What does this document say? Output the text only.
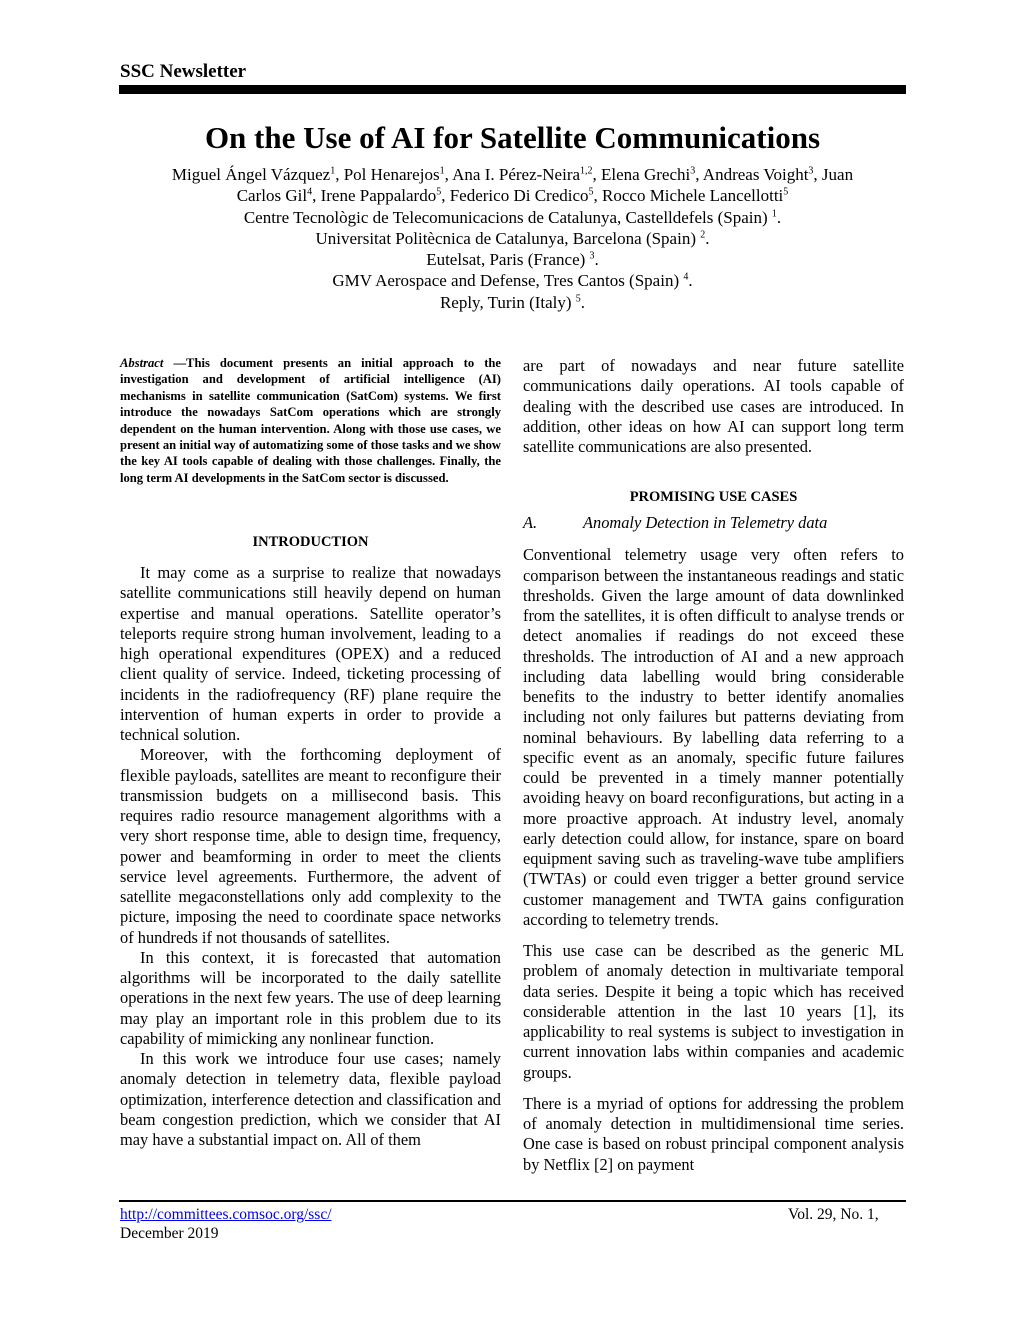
SSC Newsletter

On the Use of AI for Satellite Communications

Miguel Ángel Vázquez$^1$, Pol Henarejos$^1$, Ana I. Pérez-Neira$^{1,2}$, Elena Grechi$^3$, Andreas Voight$^3$, Juan

Carlos Gil$^4$, Irene Pappalardo$^5$, Federico Di Credico$^5$, Rocco Michele Lancellotti$^5$

Centre Tecnològic de Telecomunicacions de Catalunya, Castelldefels (Spain) $^1$.

Universitat Politècnica de Catalunya, Barcelona (Spain) $^2$.

Eutelsat, Paris (France) $^3$.

GMV Aerospace and Defense, Tres Cantos (Spain) $^4$.

Reply, Turin (Italy) $^5$.

Abstract —This document presents an initial approach to the investigation and development of artificial intelligence (AI) mechanisms in satellite communication (SatCom) systems. We first introduce the nowadays SatCom operations which are strongly dependent on the human intervention. Along with those use cases, we present an initial way of automatizing some of those tasks and we show the key AI tools capable of dealing with those challenges. Finally, the long term AI developments in the SatCom sector is discussed.

INTRODUCTION

It may come as a surprise to realize that nowadays satellite communications still heavily depend on human expertise and manual operations. Satellite operator’s teleports require strong human involvement, leading to a high operational expenditures (OPEX) and a reduced client quality of service. Indeed, ticketing processing of incidents in the radiofrequency (RF) plane require the intervention of human experts in order to provide a technical solution.

Moreover, with the forthcoming deployment of flexible payloads, satellites are meant to reconfigure their transmission budgets on a millisecond basis. This requires radio resource management algorithms with a very short response time, able to design time, frequency, power and beamforming in order to meet the clients service level agreements. Furthermore, the advent of satellite megaconstellations only add complexity to the picture, imposing the need to coordinate space networks of hundreds if not thousands of satellites.

In this context, it is forecasted that automation algorithms will be incorporated to the daily satellite operations in the next few years. The use of deep learning may play an important role in this problem due to its capability of mimicking any nonlinear function.

In this work we introduce four use cases; namely anomaly detection in telemetry data, flexible payload optimization, interference detection and classification and beam congestion prediction, which we consider that AI may have a substantial impact on. All of them

are part of nowadays and near future satellite communications daily operations. AI tools capable of dealing with the described use cases are introduced. In addition, other ideas on how AI can support long term satellite communications are also presented.

PROMISING USE CASES
A.	Anomaly Detection in Telemetry data

Conventional telemetry usage very often refers to comparison between the instantaneous readings and static thresholds. Given the large amount of data downlinked from the satellites, it is often difficult to analyse trends or detect anomalies if readings do not exceed these thresholds. The introduction of AI and a new approach including data labelling would bring considerable benefits to the industry to better identify anomalies including not only failures but patterns deviating from nominal behaviours. By labelling data referring to a specific event as an anomaly, specific future failures could be prevented in a timely manner potentially avoiding heavy on board reconfigurations, but acting in a more proactive approach. At industry level, anomaly early detection could allow, for instance, spare on board equipment saving such as traveling-wave tube amplifiers (TWTAs) or could even trigger a better ground service customer management and TWTA gains configuration according to telemetry trends.

This use case can be described as the generic ML problem of anomaly detection in multivariate temporal data series. Despite it being a topic which has received considerable attention in the last 10 years [1], its applicability to real systems is subject to investigation in current innovation labs within companies and academic groups.

There is a myriad of options for addressing the problem of anomaly detection in multidimensional time series. One case is based on robust principal component analysis by Netflix [2] on payment

http://committees.comsoc.org/ssc/	Vol. 29, No. 1,

December 2019
